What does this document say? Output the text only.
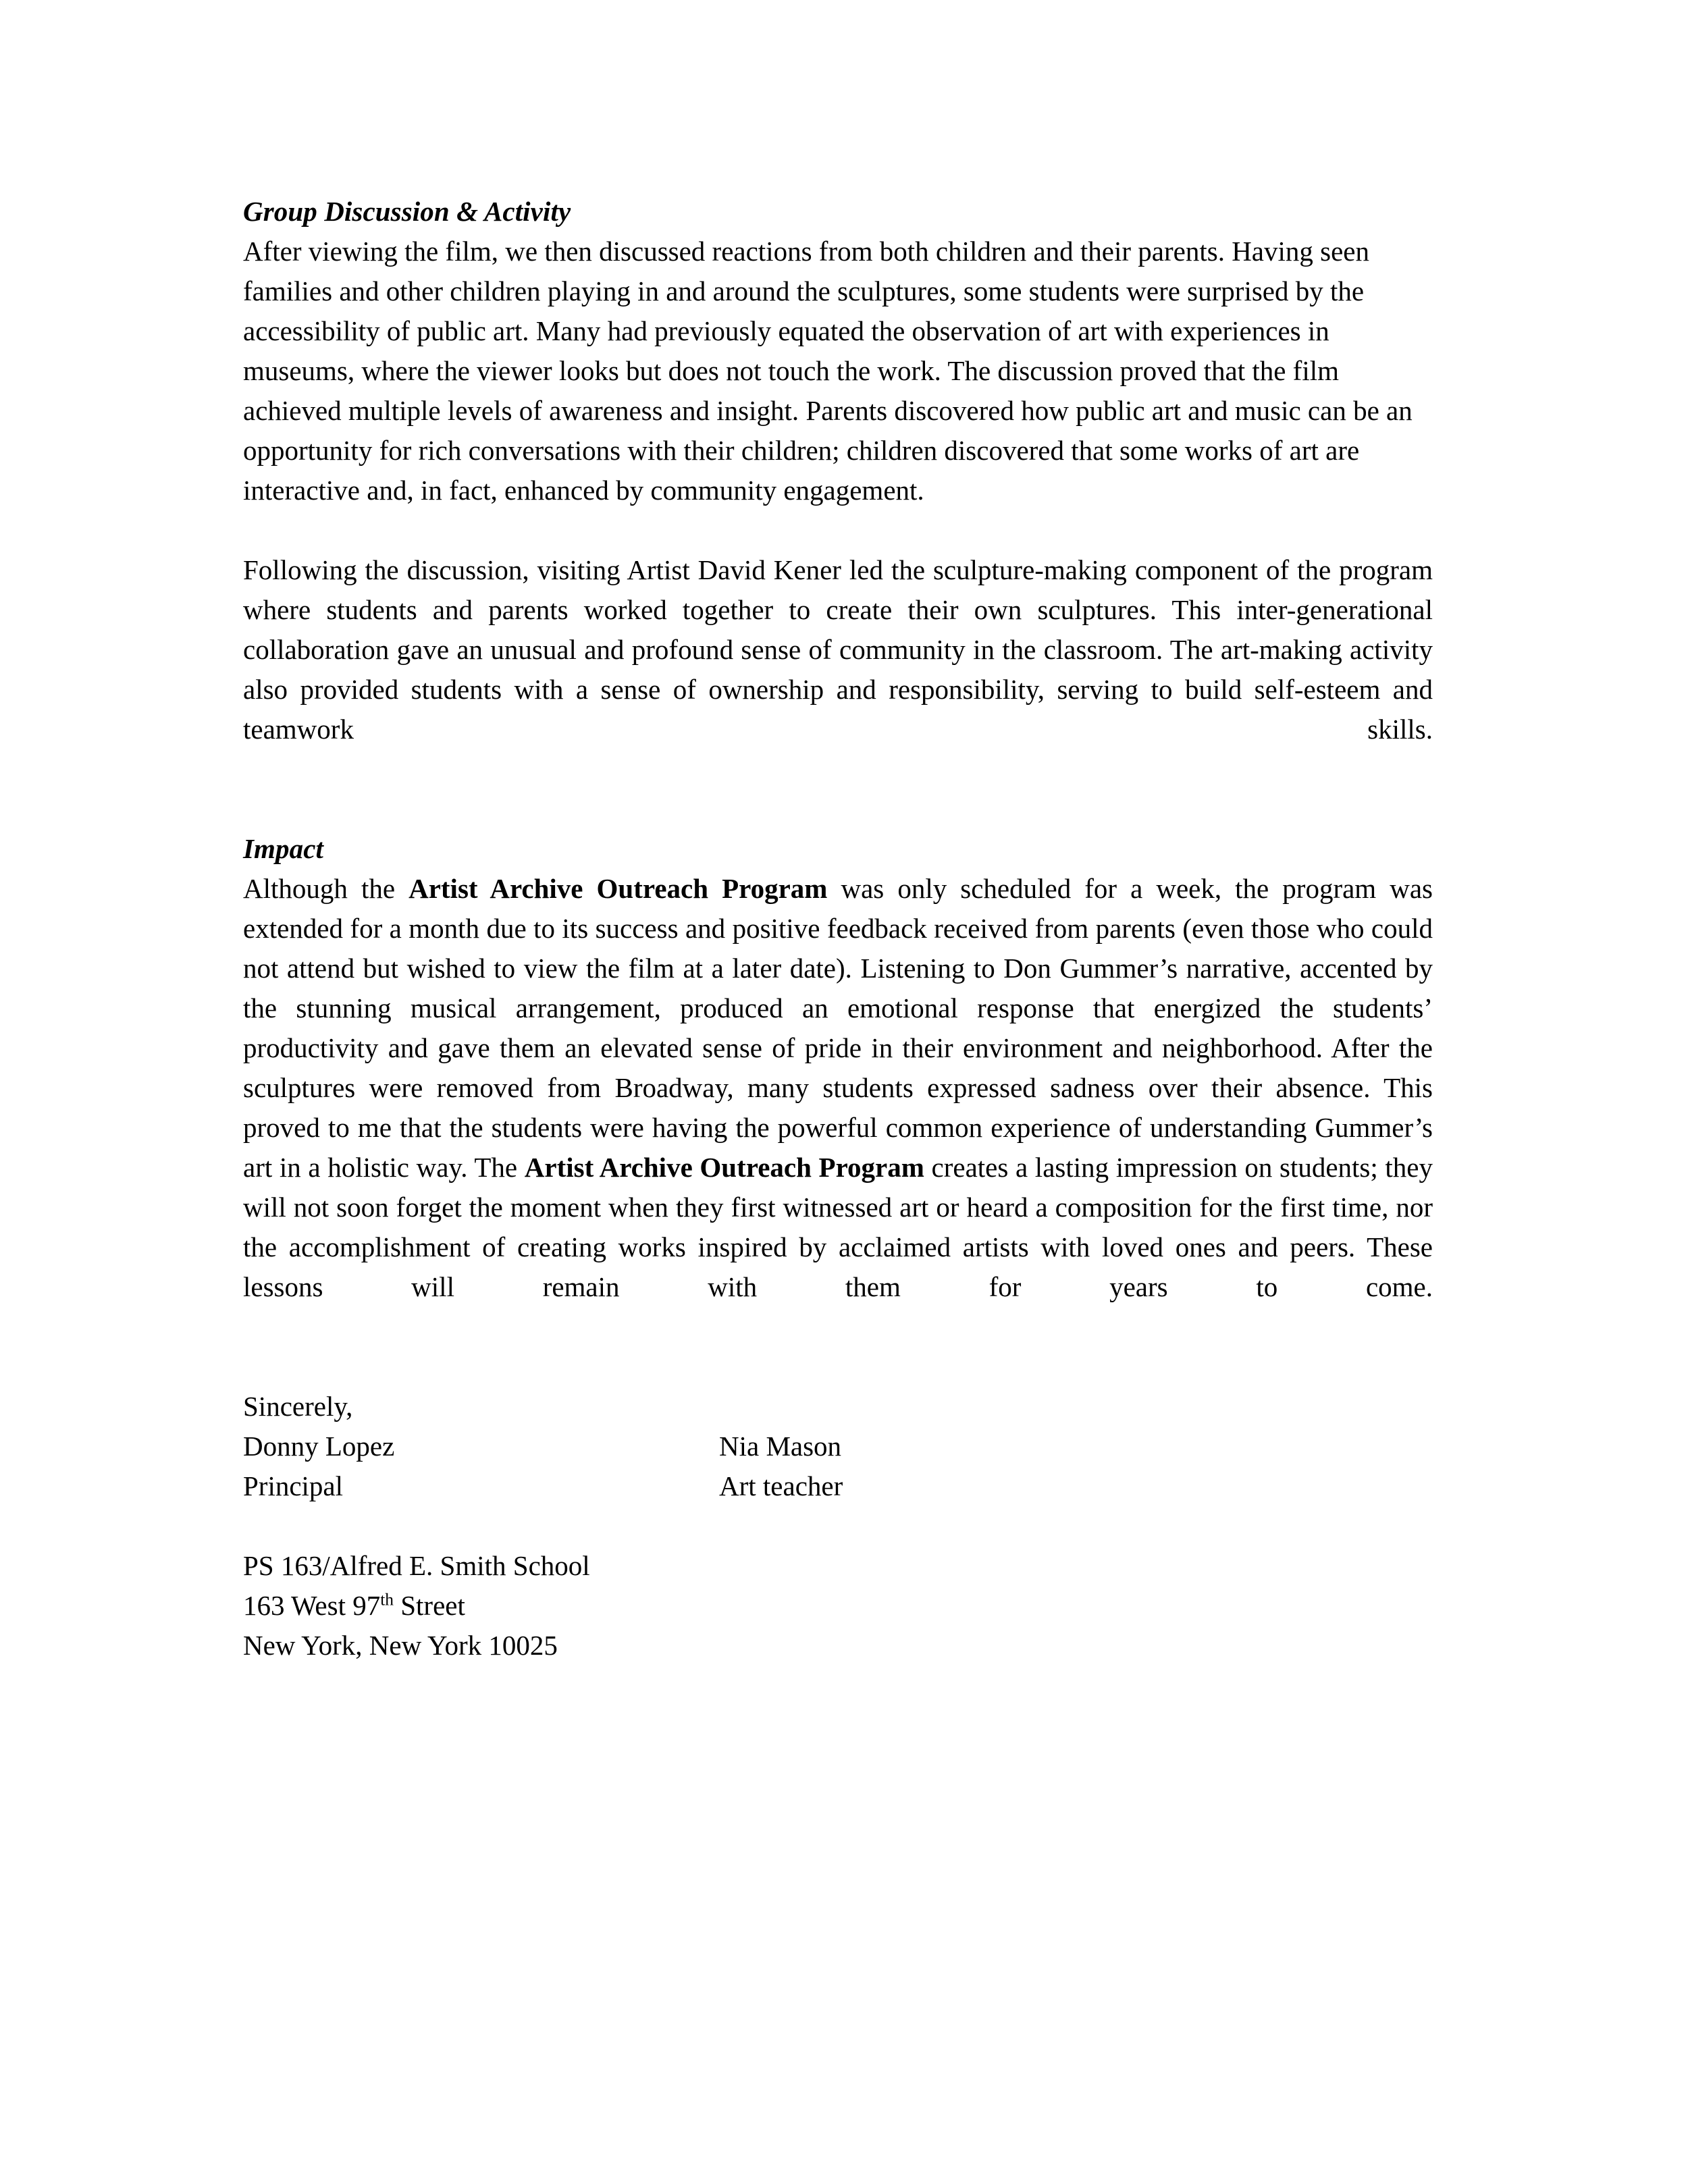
Group Discussion & Activity

After viewing the film, we then discussed reactions from both children and their parents. Having seen families and other children playing in and around the sculptures, some students were surprised by the accessibility of public art. Many had previously equated the observation of art with experiences in museums, where the viewer looks but does not touch the work. The discussion proved that the film achieved multiple levels of awareness and insight. Parents discovered how public art and music can be an opportunity for rich conversations with their children; children discovered that some works of art are interactive and, in fact, enhanced by community engagement.

Following the discussion, visiting Artist David Kener led the sculpture-making component of the program where students and parents worked together to create their own sculptures. This inter-generational collaboration gave an unusual and profound sense of community in the classroom. The art-making activity also provided students with a sense of ownership and responsibility, serving to build self-esteem and teamwork skills.

Impact

Although the Artist Archive Outreach Program was only scheduled for a week, the program was extended for a month due to its success and positive feedback received from parents (even those who could not attend but wished to view the film at a later date). Listening to Don Gummer’s narrative, accented by the stunning musical arrangement, produced an emotional response that energized the students’ productivity and gave them an elevated sense of pride in their environment and neighborhood. After the sculptures were removed from Broadway, many students expressed sadness over their absence. This proved to me that the students were having the powerful common experience of understanding Gummer’s art in a holistic way. The Artist Archive Outreach Program creates a lasting impression on students; they will not soon forget the moment when they first witnessed art or heard a composition for the first time, nor the accomplishment of creating works inspired by acclaimed artists with loved ones and peers. These lessons will remain with them for years to come.

Sincerely,
Donny Lopez	Nia Mason
Principal	Art teacher
PS 163/Alfred E. Smith School
163 West 97th Street
New York, New York 10025
